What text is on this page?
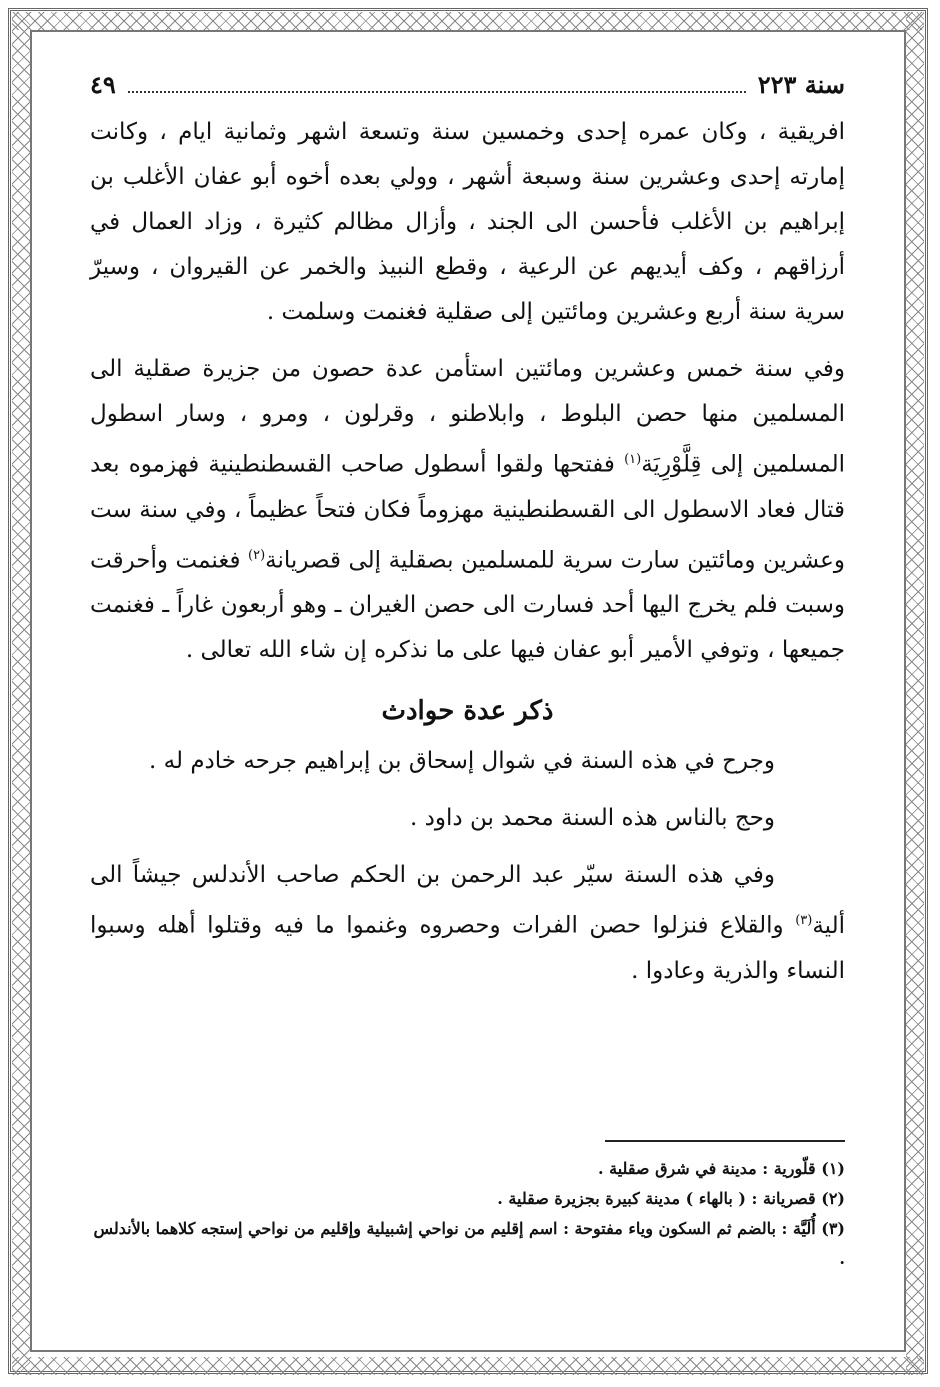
سنة ٢٢٣
٤٩

افريقية ، وكان عمره إحدى وخمسين سنة وتسعة اشهر وثمانية ايام ، وكانت إمارته إحدى وعشرين سنة وسبعة أشهر ، وولي بعده أخوه أبو عفان الأغلب بن إبراهيم بن الأغلب فأحسن الى الجند ، وأزال مظالم كثيرة ، وزاد العمال في أرزاقهم ، وكف أيديهم عن الرعية ، وقطع النبيذ والخمر عن القيروان ، وسيرّ سرية سنة أربع وعشرين ومائتين إلى صقلية فغنمت وسلمت .

وفي سنة خمس وعشرين ومائتين استأمن عدة حصون من جزيرة صقلية الى المسلمين منها حصن البلوط ، وابلاطنو ، وقرلون ، ومرو ، وسار اسطول المسلمين إلى قِلَّوْرِيَة$^{(١)}$ ففتحها ولقوا أسطول صاحب القسطنطينية فهزموه بعد قتال فعاد الاسطول الى القسطنطينية مهزوماً فكان فتحاً عظيماً ، وفي سنة ست وعشرين ومائتين سارت سرية للمسلمين بصقلية إلى قصريانة$^{(٢)}$ فغنمت وأحرقت وسبت فلم يخرج اليها أحد فسارت الى حصن الغيران ـ وهو أربعون غاراً ـ فغنمت جميعها ، وتوفي الأمير أبو عفان فيها على ما نذكره إن شاء الله تعالى .

ذكر عدة حوادث

وجرح في هذه السنة في شوال إسحاق بن إبراهيم جرحه خادم له .

وحج بالناس هذه السنة محمد بن داود .

وفي هذه السنة سيّر عبد الرحمن بن الحكم صاحب الأندلس جيشاً الى ألية$^{(٣)}$ والقلاع فنزلوا حصن الفرات وحصروه وغنموا ما فيه وقتلوا أهله وسبوا النساء والذرية وعادوا .

(١) قلّورية : مدينة في شرق صقلية .

(٢) قصريانة : ( بالهاء ) مدينة كبيرة بجزيرة صقلية .

(٣) أُلَيَّة : بالضم ثم السكون وياء مفتوحة : اسم إقليم من نواحي إشبيلية وإقليم من نواحي إستجه كلاهما بالأندلس .
